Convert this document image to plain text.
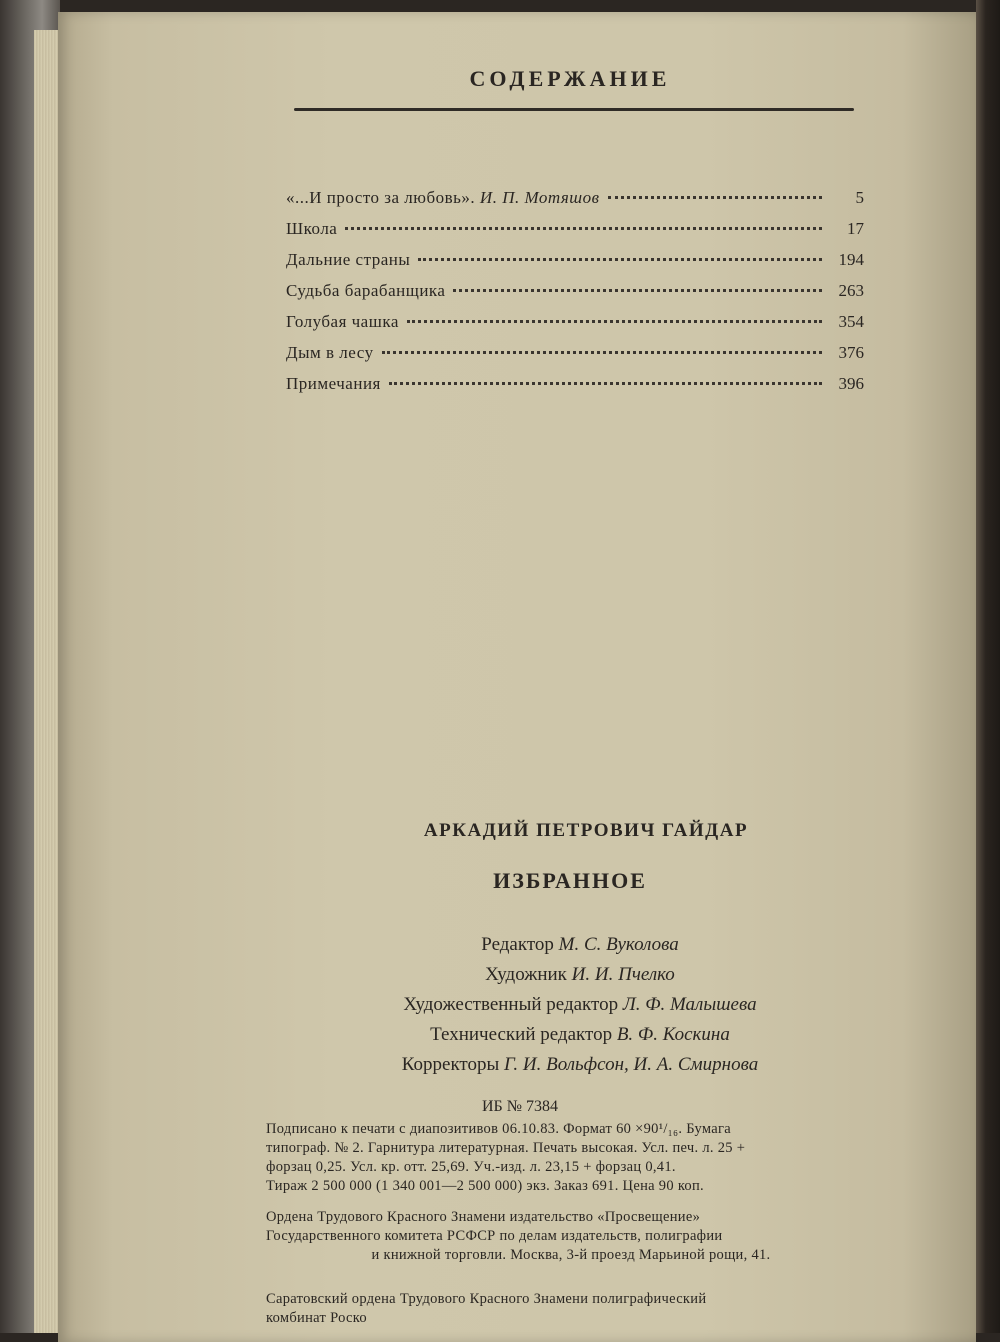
СОДЕРЖАНИЕ
«...И просто за любовь». И. П. Мотяшов	5
Школа	17
Дальние страны	194
Судьба барабанщика	263
Голубая чашка	354
Дым в лесу	376
Примечания	396
АРКАДИЙ ПЕТРОВИЧ ГАЙДАР
ИЗБРАННОЕ
Редактор М. С. Вуколова
Художник И. И. Пчелко
Художественный редактор Л. Ф. Малышева
Технический редактор В. Ф. Коскина
Корректоры Г. И. Вольфсон, И. А. Смирнова
ИБ № 7384

Подписано к печати с диапозитивов 06.10.83. Формат 60 ×90¹/₁₆. Бумага

типограф. № 2. Гарнитура литературная. Печать высокая. Усл. печ. л. 25 +

форзац 0,25. Усл. кр. отт. 25,69. Уч.-изд. л. 23,15 + форзац 0,41.

Тираж 2 500 000 (1 340 001—2 500 000) экз. Заказ 691. Цена 90 коп.

Ордена Трудового Красного Знамени издательство «Просвещение»

Государственного комитета РСФСР по делам издательств, полиграфии

и книжной торговли. Москва, 3-й проезд Марьиной рощи, 41.

Саратовский ордена Трудового Красного Знамени полиграфический

комбинат Роско
